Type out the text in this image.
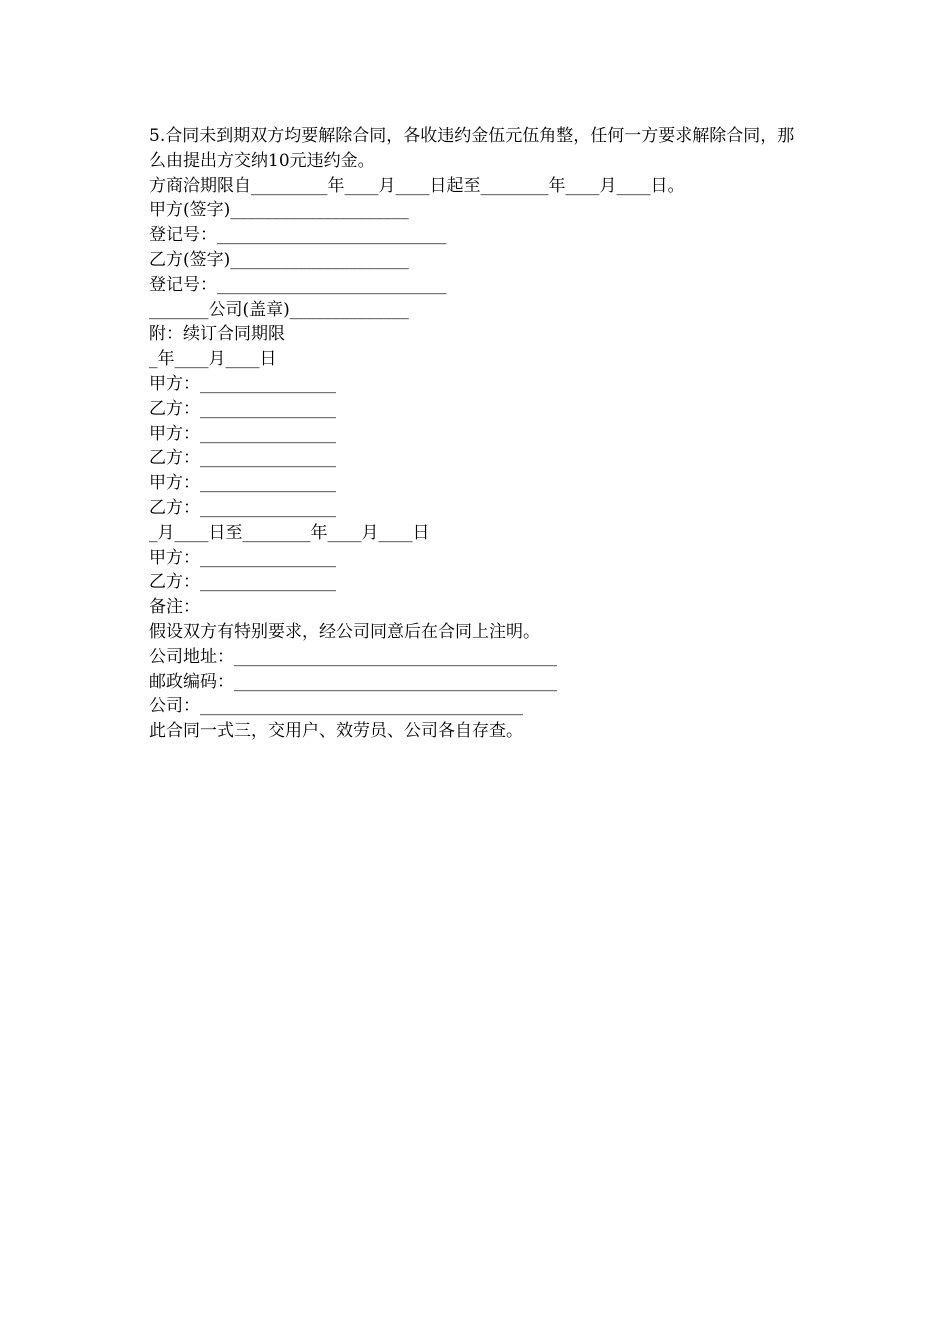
5.合同未到期双方均要解除合同，各收违约金伍元伍角整，任何一方要求解除合同，那么由提出方交纳10元违约金。

方商洽期限自_________年____月____日起至________年____月____日。
甲方(签字)_____________________
登记号：___________________________
乙方(签字)_____________________
登记号：___________________________
_______公司(盖章)______________
附：续订合同期限
_年____月____日
甲方：________________
乙方：________________
甲方：________________
乙方：________________
甲方：________________
乙方：________________
_月____日至________年____月____日
甲方：________________
乙方：________________
备注：
假设双方有特别要求，经公司同意后在合同上注明。
公司地址：______________________________________
邮政编码：______________________________________
公司：______________________________________
此合同一式三，交用户、效劳员、公司各自存查。
